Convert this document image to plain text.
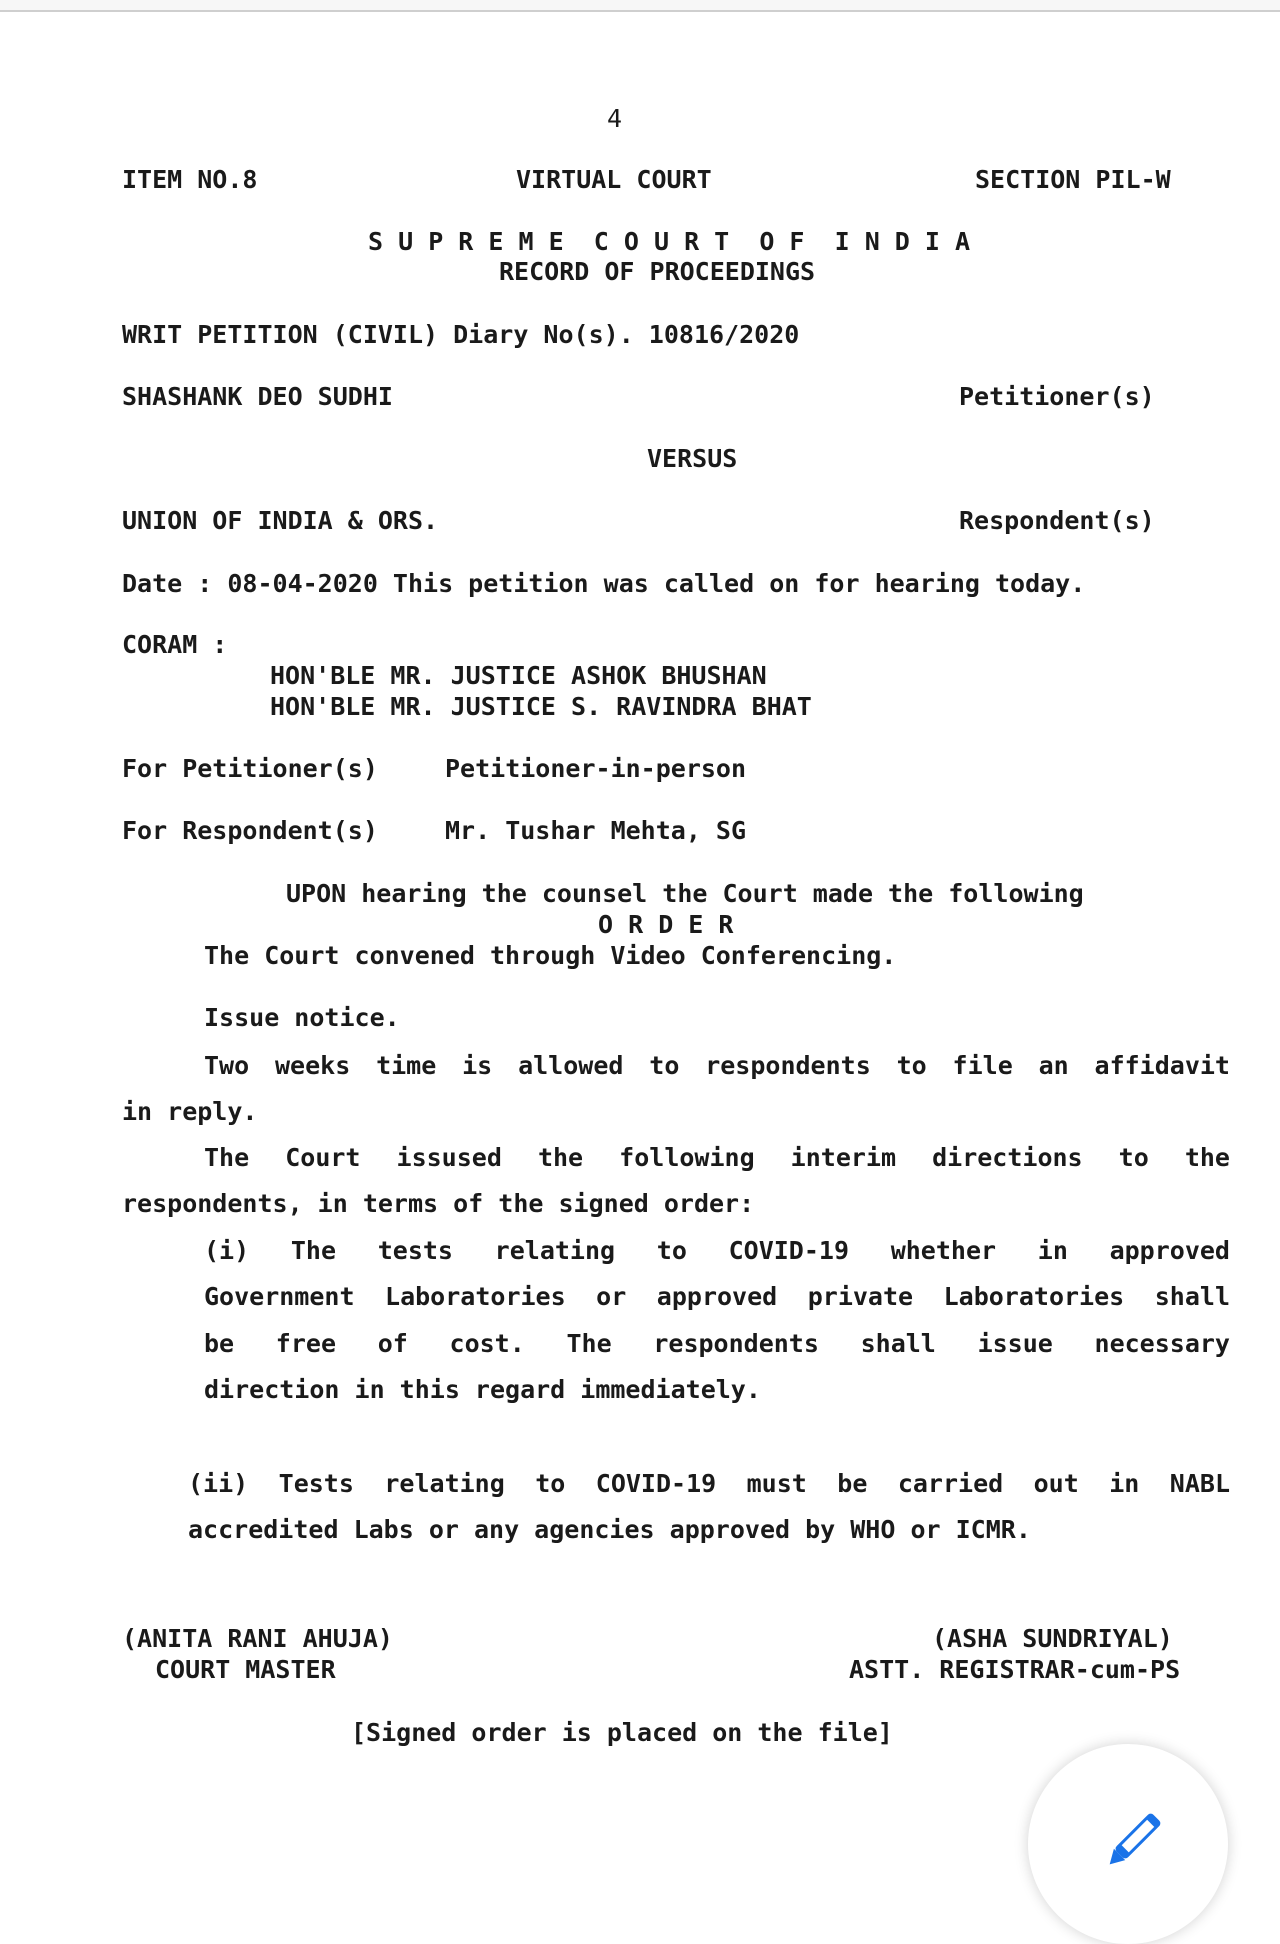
4
ITEM NO.8	VIRTUAL COURT	SECTION PIL-W
S U P R E M E  C O U R T  O F  I N D I A
RECORD OF PROCEEDINGS
WRIT PETITION (CIVIL) Diary No(s). 10816/2020
SHASHANK DEO SUDHI	Petitioner(s)
VERSUS
UNION OF INDIA & ORS.	Respondent(s)
Date : 08-04-2020 This petition was called on for hearing today.
CORAM :
HON'BLE MR. JUSTICE ASHOK BHUSHAN
HON'BLE MR. JUSTICE S. RAVINDRA BHAT
For Petitioner(s)	Petitioner-in-person
For Respondent(s)	Mr. Tushar Mehta, SG
UPON hearing the counsel the Court made the following
O R D E R
The Court convened through Video Conferencing.
Issue notice.
Two weeks time is allowed to respondents to file an affidavit
in reply.
The Court issused the following interim directions to the
respondents, in terms of the signed order:
(i) The tests relating to COVID-19 whether in approved
Government Laboratories or approved private Laboratories shall
be free of cost. The respondents shall issue necessary
direction in this regard immediately.
(ii) Tests relating to COVID-19 must be carried out in NABL
accredited Labs or any agencies approved by WHO or ICMR.
(ANITA RANI AHUJA)
COURT MASTER
(ASHA SUNDRIYAL)
ASTT. REGISTRAR-cum-PS
[Signed order is placed on the file]
